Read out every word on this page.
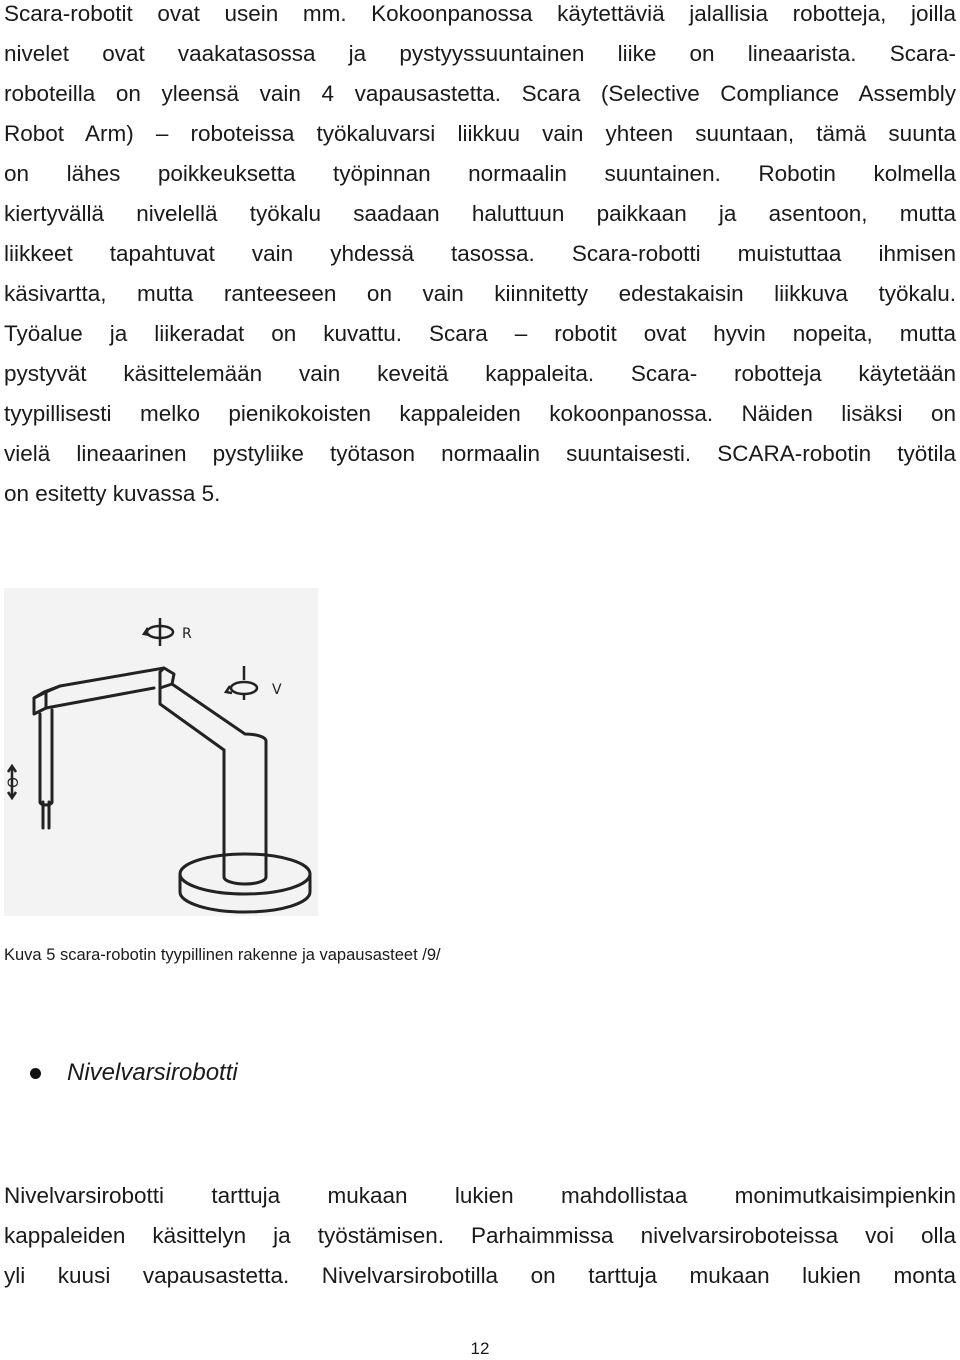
Scara-robotit ovat usein mm. Kokoonpanossa käytettäviä jalallisia robotteja, joilla
nivelet ovat vaakatasossa ja pystyyssuuntainen liike on lineaarista. Scara-
roboteilla on yleensä vain 4 vapausastetta. Scara (Selective Compliance Assembly
Robot Arm) – roboteissa työkaluvarsi liikkuu vain yhteen suuntaan, tämä suunta
on lähes poikkeuksetta työpinnan normaalin suuntainen. Robotin kolmella
kiertyvällä nivelellä työkalu saadaan haluttuun paikkaan ja asentoon, mutta
liikkeet tapahtuvat vain yhdessä tasossa. Scara-robotti muistuttaa ihmisen
käsivartta, mutta ranteeseen on vain kiinnitetty edestakaisin liikkuva työkalu.
Työalue ja liikeradat on kuvattu. Scara – robotit ovat hyvin nopeita, mutta
pystyvät käsittelemään vain keveitä kappaleita. Scara- robotteja käytetään
tyypillisesti melko pienikokoisten kappaleiden kokoonpanossa. Näiden lisäksi on
vielä lineaarinen pystyliike työtason normaalin suuntaisesti. SCARA-robotin työtila
on esitetty kuvassa 5.
R
V
O
Kuva 5 scara-robotin tyypillinen rakenne ja vapausasteet /9/
Nivelvarsirobotti
Nivelvarsirobotti tarttuja mukaan lukien mahdollistaa monimutkaisimpienkin
kappaleiden käsittelyn ja työstämisen. Parhaimmissa nivelvarsiroboteissa voi olla
yli kuusi vapausastetta. Nivelvarsirobotilla on tarttuja mukaan lukien monta
12
